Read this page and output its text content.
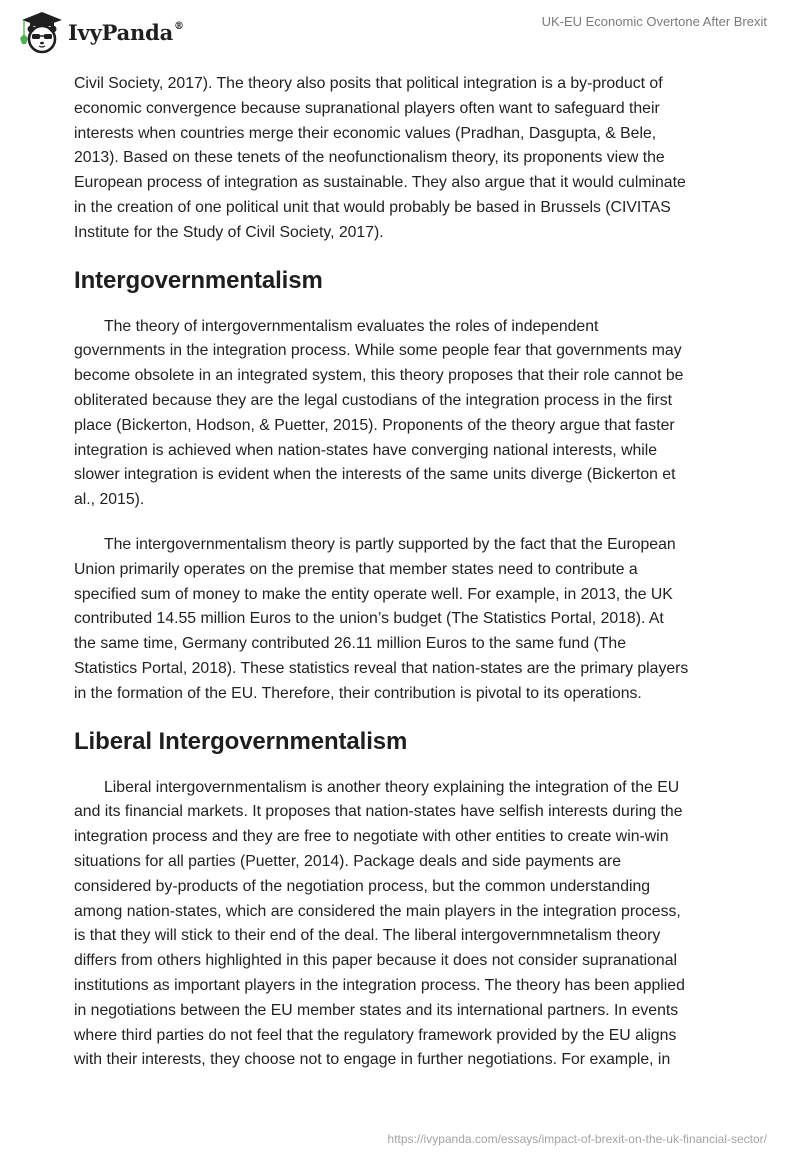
IvyPanda®	UK-EU Economic Overtone After Brexit

Civil Society, 2017). The theory also posits that political integration is a by-product of
economic convergence because supranational players often want to safeguard their
interests when countries merge their economic values (Pradhan, Dasgupta, & Bele,
2013). Based on these tenets of the neofunctionalism theory, its proponents view the
European process of integration as sustainable. They also argue that it would culminate
in the creation of one political unit that would probably be based in Brussels (CIVITAS
Institute for the Study of Civil Society, 2017).

Intergovernmentalism

The theory of intergovernmentalism evaluates the roles of independent
governments in the integration process. While some people fear that governments may
become obsolete in an integrated system, this theory proposes that their role cannot be
obliterated because they are the legal custodians of the integration process in the first
place (Bickerton, Hodson, & Puetter, 2015). Proponents of the theory argue that faster
integration is achieved when nation-states have converging national interests, while
slower integration is evident when the interests of the same units diverge (Bickerton et
al., 2015).

The intergovernmentalism theory is partly supported by the fact that the European
Union primarily operates on the premise that member states need to contribute a
specified sum of money to make the entity operate well. For example, in 2013, the UK
contributed 14.55 million Euros to the union’s budget (The Statistics Portal, 2018). At
the same time, Germany contributed 26.11 million Euros to the same fund (The
Statistics Portal, 2018). These statistics reveal that nation-states are the primary players
in the formation of the EU. Therefore, their contribution is pivotal to its operations.

Liberal Intergovernmentalism

Liberal intergovernmentalism is another theory explaining the integration of the EU
and its financial markets. It proposes that nation-states have selfish interests during the
integration process and they are free to negotiate with other entities to create win-win
situations for all parties (Puetter, 2014). Package deals and side payments are
considered by-products of the negotiation process, but the common understanding
among nation-states, which are considered the main players in the integration process,
is that they will stick to their end of the deal. The liberal intergovernmnetalism theory
differs from others highlighted in this paper because it does not consider supranational
institutions as important players in the integration process. The theory has been applied
in negotiations between the EU member states and its international partners. In events
where third parties do not feel that the regulatory framework provided by the EU aligns
with their interests, they choose not to engage in further negotiations. For example, in

https://ivypanda.com/essays/impact-of-brexit-on-the-uk-financial-sector/
